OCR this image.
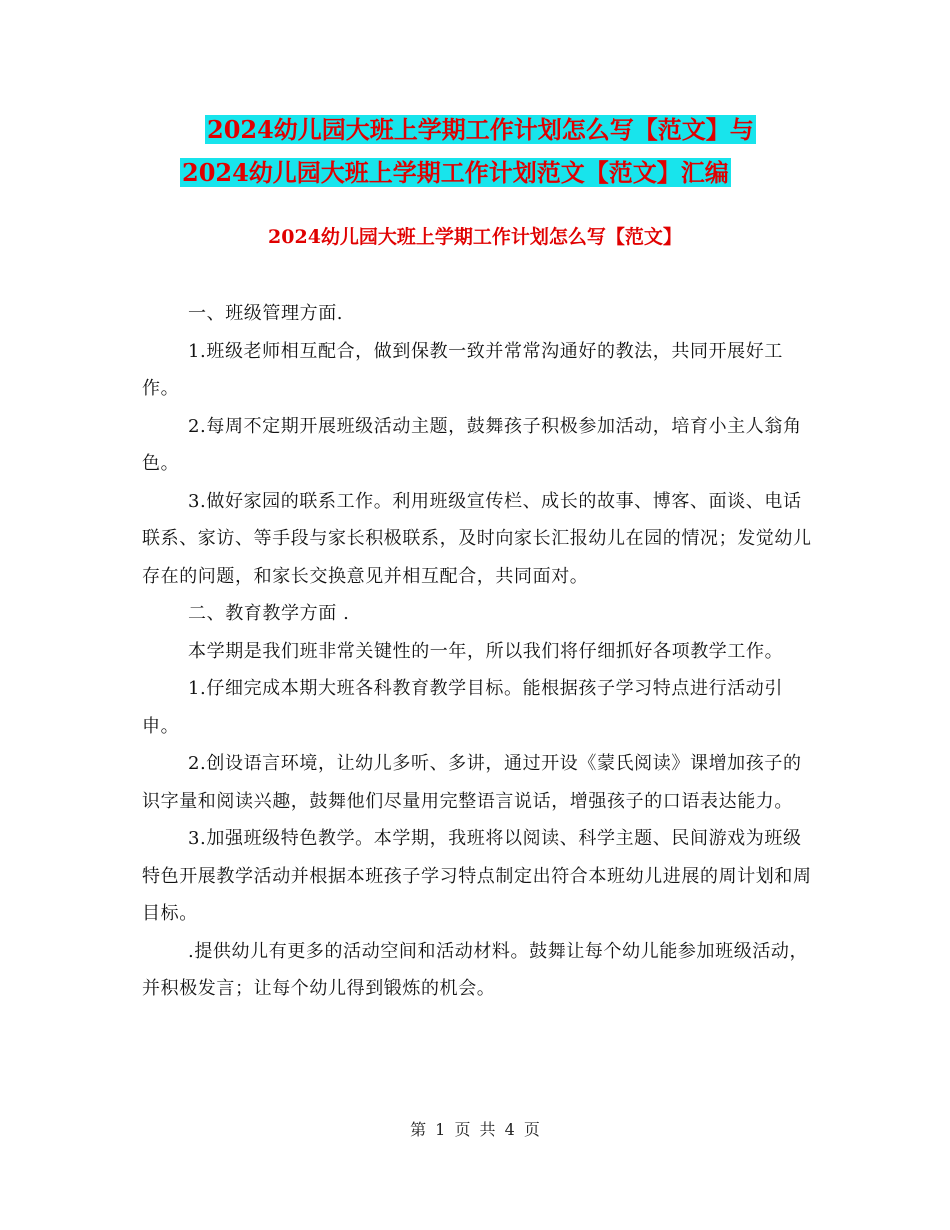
2024幼儿园大班上学期工作计划怎么写【范文】与
2024幼儿园大班上学期工作计划范文【范文】汇编
2024幼儿园大班上学期工作计划怎么写【范文】

一、班级管理方面.

1.班级老师相互配合，做到保教一致并常常沟通好的教法，共同开展好工作。

2.每周不定期开展班级活动主题，鼓舞孩子积极参加活动，培育小主人翁角色。

3.做好家园的联系工作。利用班级宣传栏、成长的故事、博客、面谈、电话联系、家访、等手段与家长积极联系，及时向家长汇报幼儿在园的情况；发觉幼儿存在的问题，和家长交换意见并相互配合，共同面对。

二、教育教学方面 .

本学期是我们班非常关键性的一年，所以我们将仔细抓好各项教学工作。

1.仔细完成本期大班各科教育教学目标。能根据孩子学习特点进行活动引申。

2.创设语言环境，让幼儿多听、多讲，通过开设《蒙氏阅读》课增加孩子的识字量和阅读兴趣，鼓舞他们尽量用完整语言说话，增强孩子的口语表达能力。

3.加强班级特色教学。本学期，我班将以阅读、科学主题、民间游戏为班级特色开展教学活动并根据本班孩子学习特点制定出符合本班幼儿进展的周计划和周目标。

.提供幼儿有更多的活动空间和活动材料。鼓舞让每个幼儿能参加班级活动，并积极发言；让每个幼儿得到锻炼的机会。

第 1 页 共 4 页
